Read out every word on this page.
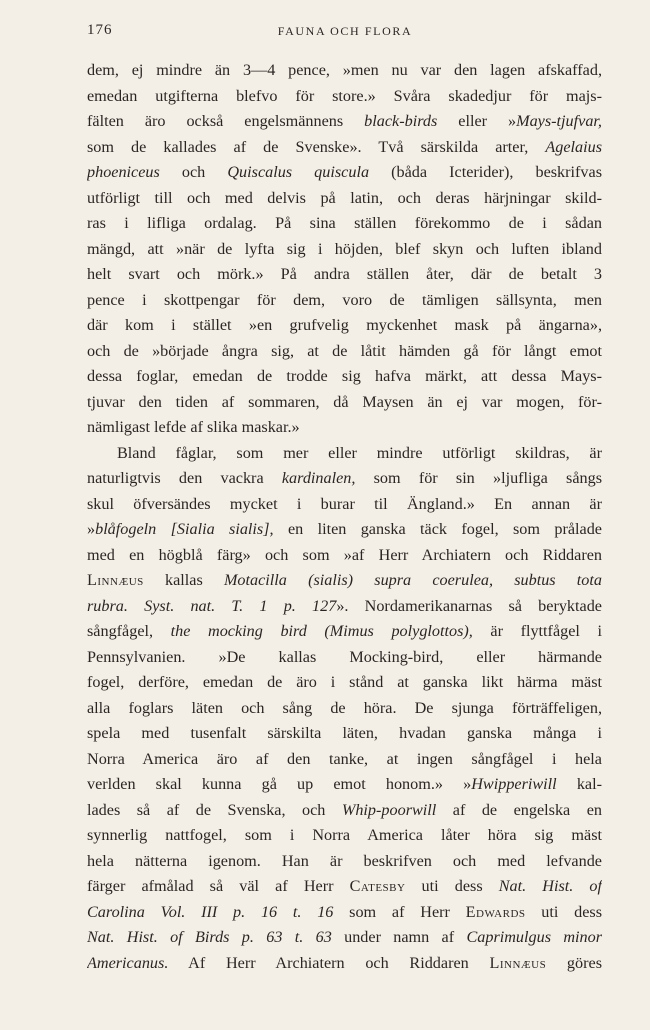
176	FAUNA OCH FLORA
dem, ej mindre än 3—4 pence, »men nu var den lagen afskaffad,
emedan utgifterna blefvo för store.» Svåra skadedjur för majs-
fälten äro också engelsmännens black-birds eller »Mays-tjufvar,
som de kallades af de Svenske». Två särskilda arter, Agelaius
phoeniceus och Quiscalus quiscula (båda Icterider), beskrifvas
utförligt till och med delvis på latin, och deras härjningar skild-
ras i lifliga ordalag. På sina ställen förekommo de i sådan
mängd, att »när de lyfta sig i höjden, blef skyn och luften ibland
helt svart och mörk.» På andra ställen åter, där de betalt 3
pence i skottpengar för dem, voro de tämligen sällsynta, men
där kom i stället »en grufvelig myckenhet mask på ängarna»,
och de »började ångra sig, at de låtit hämden gå för långt emot
dessa foglar, emedan de trodde sig hafva märkt, att dessa Mays-
tjuvar den tiden af sommaren, då Maysen än ej var mogen, för-
nämligast lefde af slika maskar.»
Bland fåglar, som mer eller mindre utförligt skildras, är
naturligtvis den vackra kardinalen, som för sin »ljufliga sångs
skul öfversändes mycket i burar til Ängland.» En annan är
»blåfogeln [Sialia sialis], en liten ganska täck fogel, som prålade
med en högblå färg» och som »af Herr Archiatern och Riddaren
Linnæus kallas Motacilla (sialis) supra coerulea, subtus tota
rubra. Syst. nat. T. 1 p. 127». Nordamerikanarnas så beryktade
sångfågel, the mocking bird (Mimus polyglottos), är flyttfågel i
Pennsylvanien. »De kallas Mocking-bird, eller härmande
fogel, derföre, emedan de äro i stånd at ganska likt härma mäst
alla foglars läten och sång de höra. De sjunga förträffeligen,
spela med tusenfalt särskilta läten, hvadan ganska många i
Norra America äro af den tanke, at ingen sångfågel i hela
verlden skal kunna gå up emot honom.» »Hwipperiwill kal-
lades så af de Svenska, och Whip-poorwill af de engelska en
synnerlig nattfogel, som i Norra America låter höra sig mäst
hela nätterna igenom. Han är beskrifven och med lefvande
färger afmålad så väl af Herr Catesby uti dess Nat. Hist. of
Carolina Vol. III p. 16 t. 16 som af Herr Edwards uti dess
Nat. Hist. of Birds p. 63 t. 63 under namn af Caprimulgus minor
Americanus. Af Herr Archiatern och Riddaren Linnæus göres
